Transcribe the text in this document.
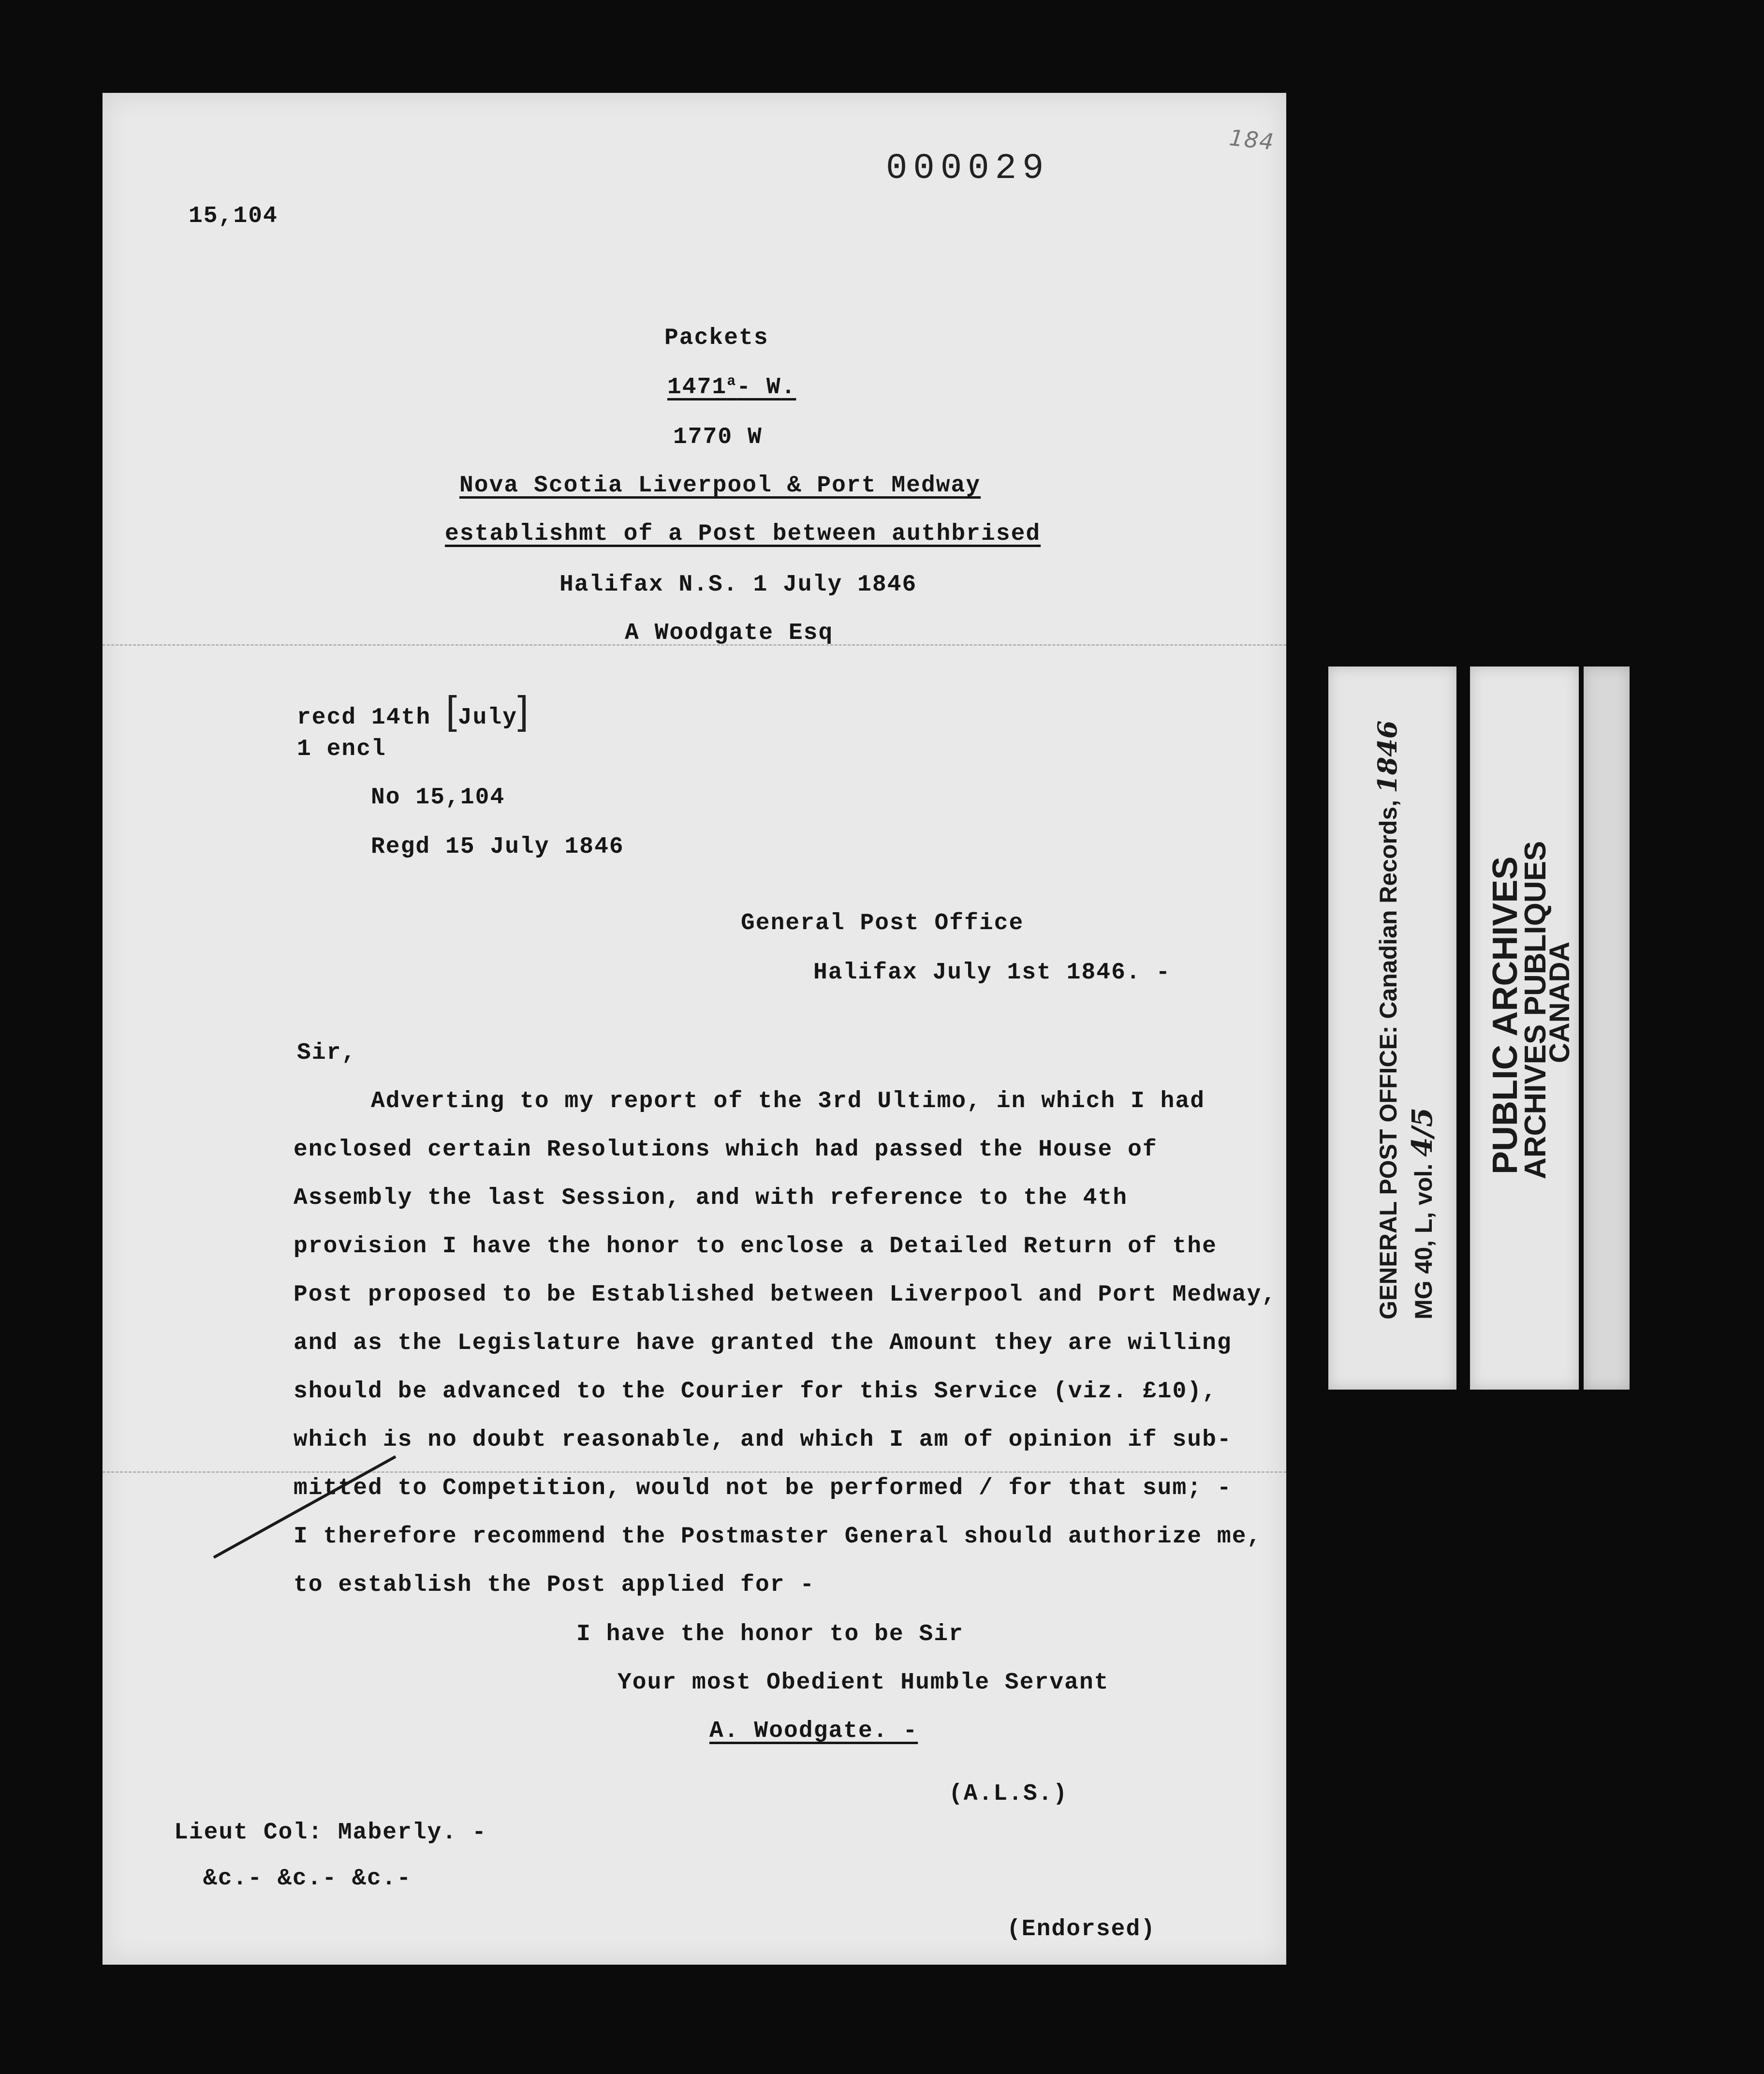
000029
184
15,104
Packets
1471$^a$- W.
1770 W
Nova Scotia Liverpool & Port Medway
establishmt of a Post between authbrised
Halifax N.S. 1 July 1846
A Woodgate Esq
recd 14th [July]
1 encl
No 15,104
Regd 15 July 1846
General Post Office
Halifax July 1st 1846. -
Sir,
Adverting to my report of the 3rd Ultimo, in which I had
enclosed certain Resolutions which had passed the House of
Assembly the last Session, and with reference to the 4th
provision I have the honor to enclose a Detailed Return of the
Post proposed to be Established between Liverpool and Port Medway,
and as the Legislature have granted the Amount they are willing
should be advanced to the Courier for this Service (viz. £10),
which is no doubt reasonable, and which I am of opinion if sub-
mitted to Competition, would not be performed / for that sum; -
I therefore recommend the Postmaster General should authorize me,
to establish the Post applied for -
I have the honor to be Sir
Your most Obedient Humble Servant
A. Woodgate. -
(A.L.S.)
Lieut Col: Maberly. -
&c.- &c.- &c.-
(Endorsed)
GENERAL POST OFFICE: Canadian Records, 1846
MG 40, L, vol. 4/5 PUBLIC ARCHIVES
ARCHIVES PUBLIQUES
CANADA
